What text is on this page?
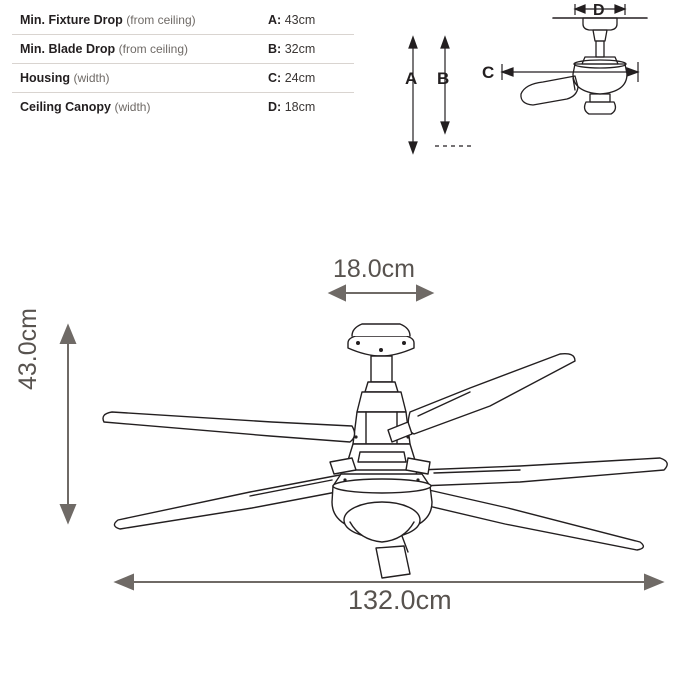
Min. Fixture Drop (from ceiling)	A: 43cm
Min. Blade Drop (from ceiling)	B: 32cm
Housing (width)	C: 24cm
Ceiling Canopy (width)	D: 18cm
A B C
D
18.0cm
43.0cm
132.0cm
